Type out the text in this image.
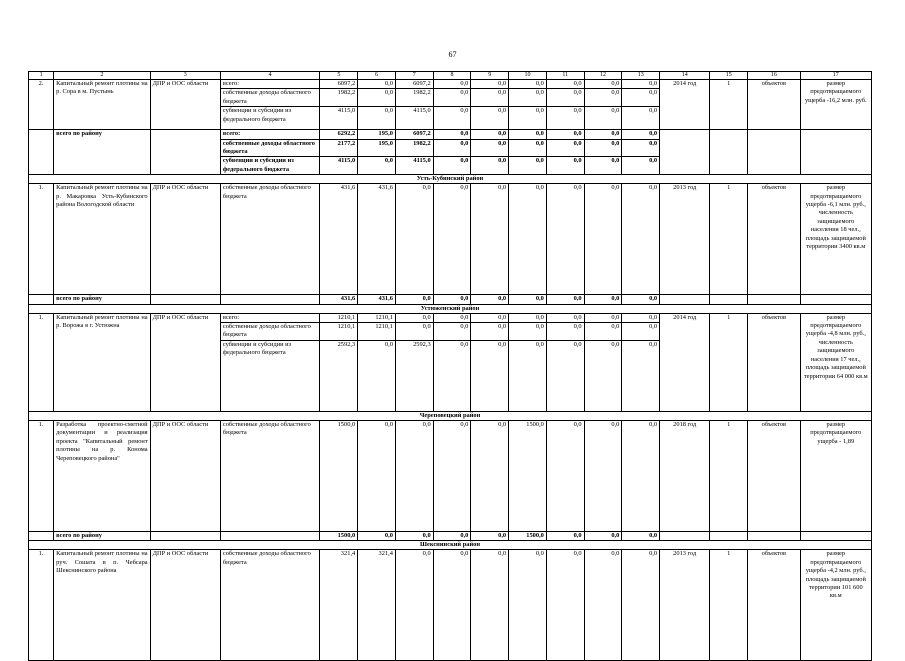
67
1	2	3	4	5	6	7	8	9	10	11	12	13	14	15	16	17
2.	Капитальный ремонт плотины на р. Сора в м. Пустынь	ДПР и ООС области	всего:	6097,2	0,0	6097,2	0,0	0,0	0,0	0,0	0,0	0,0	2014 год	1	объектов	размер предотвращаемого ущерба -16,2 млн. руб.
			собственные доходы областного бюджета	1982,2	0,0	1982,2	0,0	0,0	0,0	0,0	0,0	0,0				
			субвенции и субсидии из федерального бюджета	4115,0	0,0	4115,0	0,0	0,0	0,0	0,0	0,0	0,0				
	всего по району		всего:	6292,2	195,0	6097,2	0,0	0,0	0,0	0,0	0,0	0,0				
			собственные доходы областного бюджета	2177,2	195,0	1982,2	0,0	0,0	0,0	0,0	0,0	0,0				
			субвенции и субсидии из федерального бюджета	4115,0	0,0	4115,0	0,0	0,0	0,0	0,0	0,0	0,0				
Усть-Кубинский район																
1.	Капитальный ремонт плотины на р. Макаровка Усть-Кубинского района Вологодской области	ДПР и ООС области	собственные доходы областного бюджета	431,6	431,6	0,0	0,0	0,0	0,0	0,0	0,0	0,0	2013 год	1	объектов	размер предотвращаемого ущерба -6,1 млн. руб., численность защищаемого населения 18 чел., площадь защищаемой территории 3400 кв.м
	всего по району			431,6	431,6	0,0	0,0	0,0	0,0	0,0	0,0	0,0				
Устюженский район																
1.	Капитальный ремонт плотины на р. Ворожа в г. Устюжна	ДПР и ООС области	всего:	1210,1	1210,1	0,0	0,0	0,0	0,0	0,0	0,0	0,0	2014 год	1	объектов	размер предотвращаемого ущерба -4,8 млн. руб., численность защищаемого населения 17 чел., площадь защищаемой территории 64 000 кв.м
			собственные доходы областного бюджета	1210,1	1210,1	0,0	0,0	0,0	0,0	0,0	0,0	0,0				
			субвенции и субсидии из федерального бюджета	2592,3	0,0	2592,3	0,0	0,0	0,0	0,0	0,0	0,0				
Череповецкий район																
1.	Разработка проектно-сметной документации и реализация проекта "Капитальный ремонт плотины на р. Конома Череповецкого района"	ДПР и ООС области	собственные доходы областного бюджета	1500,0	0,0	0,0	0,0	0,0	1500,0	0,0	0,0	0,0	2018 год	1	объектов	размер предотвращаемого ущерба - 1,89
	всего по району			1500,0	0,0	0,0	0,0	0,0	1500,0	0,0	0,0	0,0				
Шекснинский район																
1.	Капитальный ремонт плотины на руч. Сошата в п. Чебсара Шекснинского района	ДПР и ООС области	собственные доходы областного бюджета	321,4	321,4	0,0	0,0	0,0	0,0	0,0	0,0	0,0	2013 год	1	объектов	размер предотвращаемого ущерба -4,2 млн. руб., площадь защищаемой территории 101 600 кв.м
